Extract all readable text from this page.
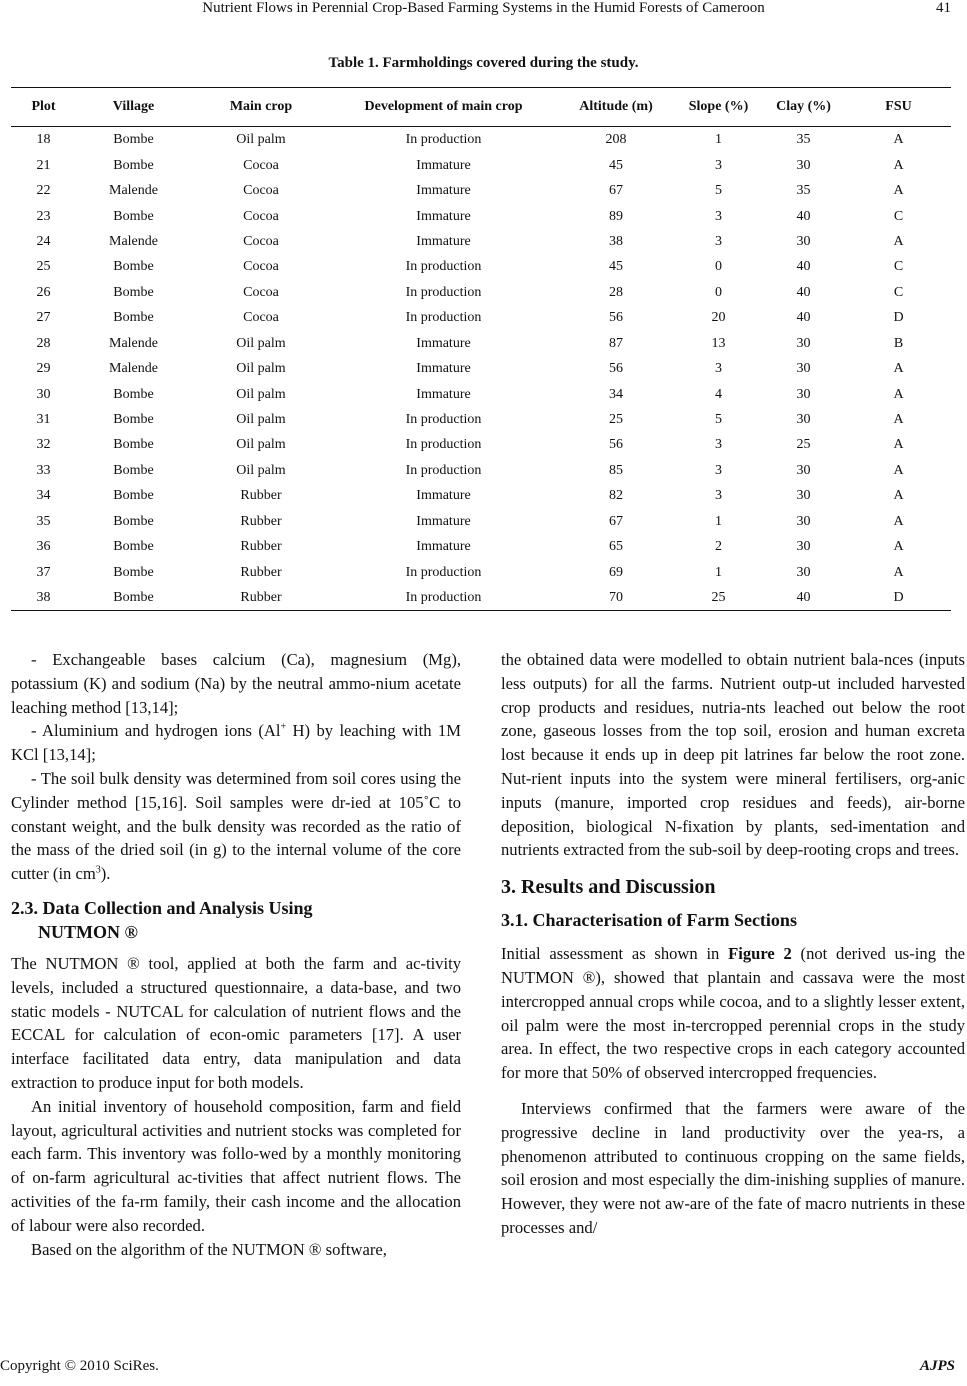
Nutrient Flows in Perennial Crop-Based Farming Systems in the Humid Forests of Cameroon	41
Table 1. Farmholdings covered during the study.
Plot	Village	Main crop	Development of main crop	Altitude (m)	Slope (%)	Clay (%)	FSU
18	Bombe	Oil palm	In production	208	1	35	A
21	Bombe	Cocoa	Immature	45	3	30	A
22	Malende	Cocoa	Immature	67	5	35	A
23	Bombe	Cocoa	Immature	89	3	40	C
24	Malende	Cocoa	Immature	38	3	30	A
25	Bombe	Cocoa	In production	45	0	40	C
26	Bombe	Cocoa	In production	28	0	40	C
27	Bombe	Cocoa	In production	56	20	40	D
28	Malende	Oil palm	Immature	87	13	30	B
29	Malende	Oil palm	Immature	56	3	30	A
30	Bombe	Oil palm	Immature	34	4	30	A
31	Bombe	Oil palm	In production	25	5	30	A
32	Bombe	Oil palm	In production	56	3	25	A
33	Bombe	Oil palm	In production	85	3	30	A
34	Bombe	Rubber	Immature	82	3	30	A
35	Bombe	Rubber	Immature	67	1	30	A
36	Bombe	Rubber	Immature	65	2	30	A
37	Bombe	Rubber	In production	69	1	30	A
38	Bombe	Rubber	In production	70	25	40	D

- Exchangeable bases calcium (Ca), magnesium (Mg), potassium (K) and sodium (Na) by the neutral ammo-nium acetate leaching method [13,14];

- Aluminium and hydrogen ions (Al+ H) by leaching with 1M KCl [13,14];

- The soil bulk density was determined from soil cores using the Cylinder method [15,16]. Soil samples were dr-ied at 105˚C to constant weight, and the bulk density was recorded as the ratio of the mass of the dried soil (in g) to the internal volume of the core cutter (in $cm^3$).

2.3. Data Collection and Analysis Using
NUTMON ®

The NUTMON ® tool, applied at both the farm and ac-tivity levels, included a structured questionnaire, a data-base, and two static models - NUTCAL for calculation of nutrient flows and the ECCAL for calculation of econ-omic parameters [17]. A user interface facilitated data entry, data manipulation and data extraction to produce input for both models.

An initial inventory of household composition, farm and field layout, agricultural activities and nutrient stocks was completed for each farm. This inventory was follo-wed by a monthly monitoring of on-farm agricultural ac-tivities that affect nutrient flows. The activities of the fa-rm family, their cash income and the allocation of labour were also recorded.

Based on the algorithm of the NUTMON ® software,

the obtained data were modelled to obtain nutrient bala-nces (inputs less outputs) for all the farms. Nutrient outp-ut included harvested crop products and residues, nutria-nts leached out below the root zone, gaseous losses from the top soil, erosion and human excreta lost because it ends up in deep pit latrines far below the root zone. Nut-rient inputs into the system were mineral fertilisers, org-anic inputs (manure, imported crop residues and feeds), air-borne deposition, biological N-fixation by plants, sed-imentation and nutrients extracted from the sub-soil by deep-rooting crops and trees.

3. Results and Discussion
3.1. Characterisation of Farm Sections

Initial assessment as shown in Figure 2 (not derived us-ing the NUTMON ®), showed that plantain and cassava were the most intercropped annual crops while cocoa, and to a slightly lesser extent, oil palm were the most in-tercropped perennial crops in the study area. In effect, the two respective crops in each category accounted for more that 50% of observed intercropped frequencies.

Interviews confirmed that the farmers were aware of the progressive decline in land productivity over the yea-rs, a phenomenon attributed to continuous cropping on the same fields, soil erosion and most especially the dim-inishing supplies of manure. However, they were not aw-are of the fate of macro nutrients in these processes and/

Copyright © 2010 SciRes.	AJPS
